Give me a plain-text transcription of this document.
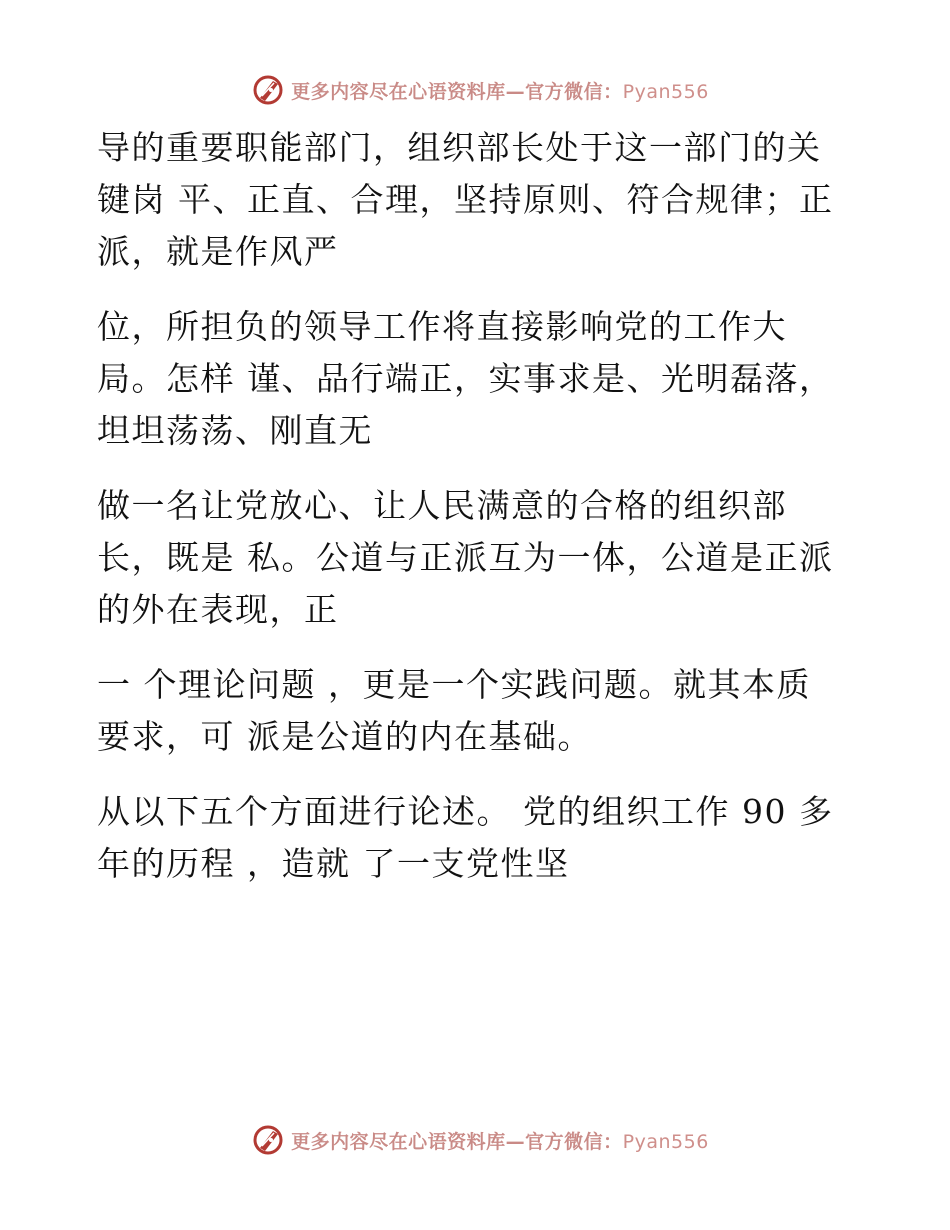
更多内容尽在心语资料库—官方微信：Pyan556
导的重要职能部门，组织部长处于这一部门的关
键岗 平、正直、合理，坚持原则、符合规律；正
派，就是作风严
位，所担负的领导工作将直接影响党的工作大
局。怎样 谨、品行端正，实事求是、光明磊落，
坦坦荡荡、刚直无
做一名让党放心、让人民满意的合格的组织部
长，既是 私。公道与正派互为一体，公道是正派
的外在表现，正
一 个理论问题 ，更是一个实践问题。就其本质
要求，可 派是公道的内在基础。
从以下五个方面进行论述。 党的组织工作 90 多
年的历程 ，造就 了一支党性坚
更多内容尽在心语资料库—官方微信：Pyan556
